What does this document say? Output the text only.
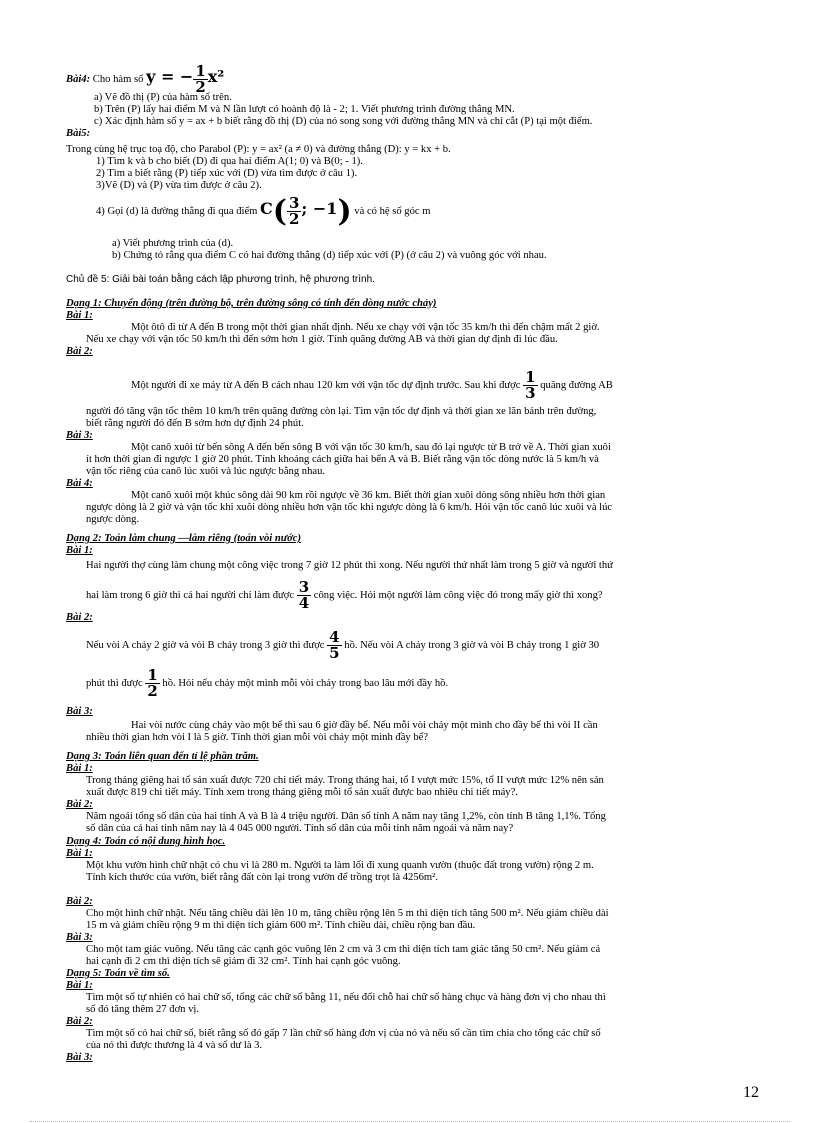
Bài4: Cho hàm số y = − $\frac{1}{2} x^2$
a) Vẽ đồ thị (P) của hàm số trên.
b) Trên (P) lấy hai điểm M và N lần lượt có hoành độ là - 2; 1. Viết phương trình đường thẳng MN.
c) Xác định hàm số y = ax + b biết rằng đồ thị (D) của nó song song với đường thẳng MN và chỉ cắt (P) tại một điểm.
Bài5:
Trong cùng hệ trục toạ độ, cho Parabol (P): y = ax² (a ≠ 0) và đường thẳng (D): y = kx + b.
1) Tìm k và b cho biết (D) đi qua hai điểm A(1; 0) và B(0; - 1).
2) Tìm a biết rằng (P) tiếp xúc với (D) vừa tìm được ở câu 1).
3)Vẽ (D) và (P) vừa tìm được ở câu 2).
4) Gọi (d) là đường thẳng đi qua điểm $C( \frac{3}{2}$ ; −1) và có hệ số góc m
a) Viết phương trình của (d).
b) Chứng tỏ rằng qua điểm C có hai đường thẳng (d) tiếp xúc với (P) (ở câu 2) và vuông góc với nhau.
Chủ đề 5: Giải bài toán bằng cách lập phương trình, hệ phương trình.
Dạng 1: Chuyển động (trên đường bộ, trên đường sông có tính đến dòng nước chảy)
Bài 1:
Một ôtô đi từ A đến B trong một thời gian nhất định. Nếu xe chạy với vận tốc 35 km/h thì đến chậm mất 2 giờ.
Nếu xe chạy với vận tốc 50 km/h thì đến sớm hơn 1 giờ. Tính quãng đường AB và thời gian dự định đi lúc đầu.
Bài 2:
Một người đi xe máy từ A đến B cách nhau 120 km với vận tốc dự định trước. Sau khi được $\frac{1}{3}$ quãng đường AB
người đó tăng vận tốc thêm 10 km/h trên quãng đường còn lại. Tìm vận tốc dự định và thời gian xe lăn bánh trên đường,
biết rằng người đó đến B sớm hơn dự định 24 phút.
Bài 3:
Một canô xuôi từ bến sông A đến bến sông B với vận tốc 30 km/h, sau đó lại ngược từ B trở về A. Thời gian xuôi
ít hơn thời gian đi ngược 1 giờ 20 phút. Tính khoảng cách giữa hai bến A và B. Biết rằng vận tốc dòng nước là 5 km/h và
vận tốc riêng của canô lúc xuôi và lúc ngược bằng nhau.
Bài 4:
Một canô xuôi một khúc sông dài 90 km rồi ngược về 36 km. Biết thời gian xuôi dòng sông nhiều hơn thời gian
ngược dòng là 2 giờ và vận tốc khi xuôi dòng nhiều hơn vận tốc khi ngược dòng là 6 km/h. Hỏi vận tốc canô lúc xuôi và lúc
ngược dòng.
Dạng 2: Toán làm chung —làm riêng (toán vòi nước)
Bài 1:
Hai người thợ cùng làm chung một công việc trong 7 giờ 12 phút thì xong. Nếu người thứ nhất làm trong 5 giờ và người thứ
hai làm trong 6 giờ thì cả hai người chỉ làm được $\frac{3}{4}$ công việc. Hỏi một người làm công việc đó trong mấy giờ thì xong?
Bài 2:
Nếu vòi A chảy 2 giờ và vòi B chảy trong 3 giờ thì được $\frac{4}{5}$ hồ. Nếu vòi A chảy trong 3 giờ và vòi B chảy trong 1 giờ 30
phút thì được $\frac{1}{2}$ hồ. Hỏi nếu chảy một mình mỗi vòi chảy trong bao lâu mới đầy hồ.
Bài 3:
Hai vòi nước cùng chảy vào một bể thì sau 6 giờ đầy bể. Nếu mỗi vòi chảy một mình cho đầy bể thì vòi II cần
nhiều thời gian hơn vòi I là 5 giờ. Tính thời gian mỗi vòi chảy một mình đầy bể?
Dạng 3: Toán liên quan đến tỉ lệ phần trăm.
Bài 1:
Trong tháng giêng hai tổ sản xuất được 720 chi tiết máy. Trong tháng hai, tổ I vượt mức 15%, tổ II vượt mức 12% nên sản
xuất được 819 chi tiết máy. Tính xem trong tháng giêng mỗi tổ sản xuất được bao nhiêu chi tiết máy?.
Bài 2:
Năm ngoái tổng số dân của hai tỉnh A và B là 4 triệu người. Dân số tỉnh A năm nay tăng 1,2%, còn tỉnh B tăng 1,1%. Tổng
số dân của cả hai tỉnh năm nay là 4 045 000 người. Tính số dân của mỗi tỉnh năm ngoái và năm nay?
Dạng 4: Toán có nội dung hình học.
Bài 1:
Một khu vườn hình chữ nhật có chu vi là 280 m. Người ta làm lối đi xung quanh vườn (thuộc đất trong vườn) rộng 2 m.
Tính kích thước của vườn, biết rằng đất còn lại trong vườn để trồng trọt là 4256m².
Bài 2:
Cho một hình chữ nhật. Nếu tăng chiều dài lên 10 m, tăng chiều rộng lên 5 m thì diện tích tăng 500 m². Nếu giảm chiều dài
15 m và giảm chiều rộng 9 m thì diện tích giảm 600 m². Tính chiều dài, chiều rộng ban đầu.
Bài 3:
Cho một tam giác vuông. Nếu tăng các cạnh góc vuông lên 2 cm và 3 cm thì diện tích tam giác tăng 50 cm². Nếu giảm cả
hai cạnh đi 2 cm thì diện tích sẽ giảm đi 32 cm². Tính hai cạnh góc vuông.
Dạng 5: Toán về tìm số.
Bài 1:
Tìm một số tự nhiên có hai chữ số, tổng các chữ số bằng 11, nếu đổi chỗ hai chữ số hàng chục và hàng đơn vị cho nhau thì
số đó tăng thêm 27 đơn vị.
Bài 2:
Tìm một số có hai chữ số, biết rằng số đó gấp 7 lần chữ số hàng đơn vị của nó và nếu số cần tìm chia cho tổng các chữ số
của nó thì được thương là 4 và số dư là 3.
Bài 3:
12
